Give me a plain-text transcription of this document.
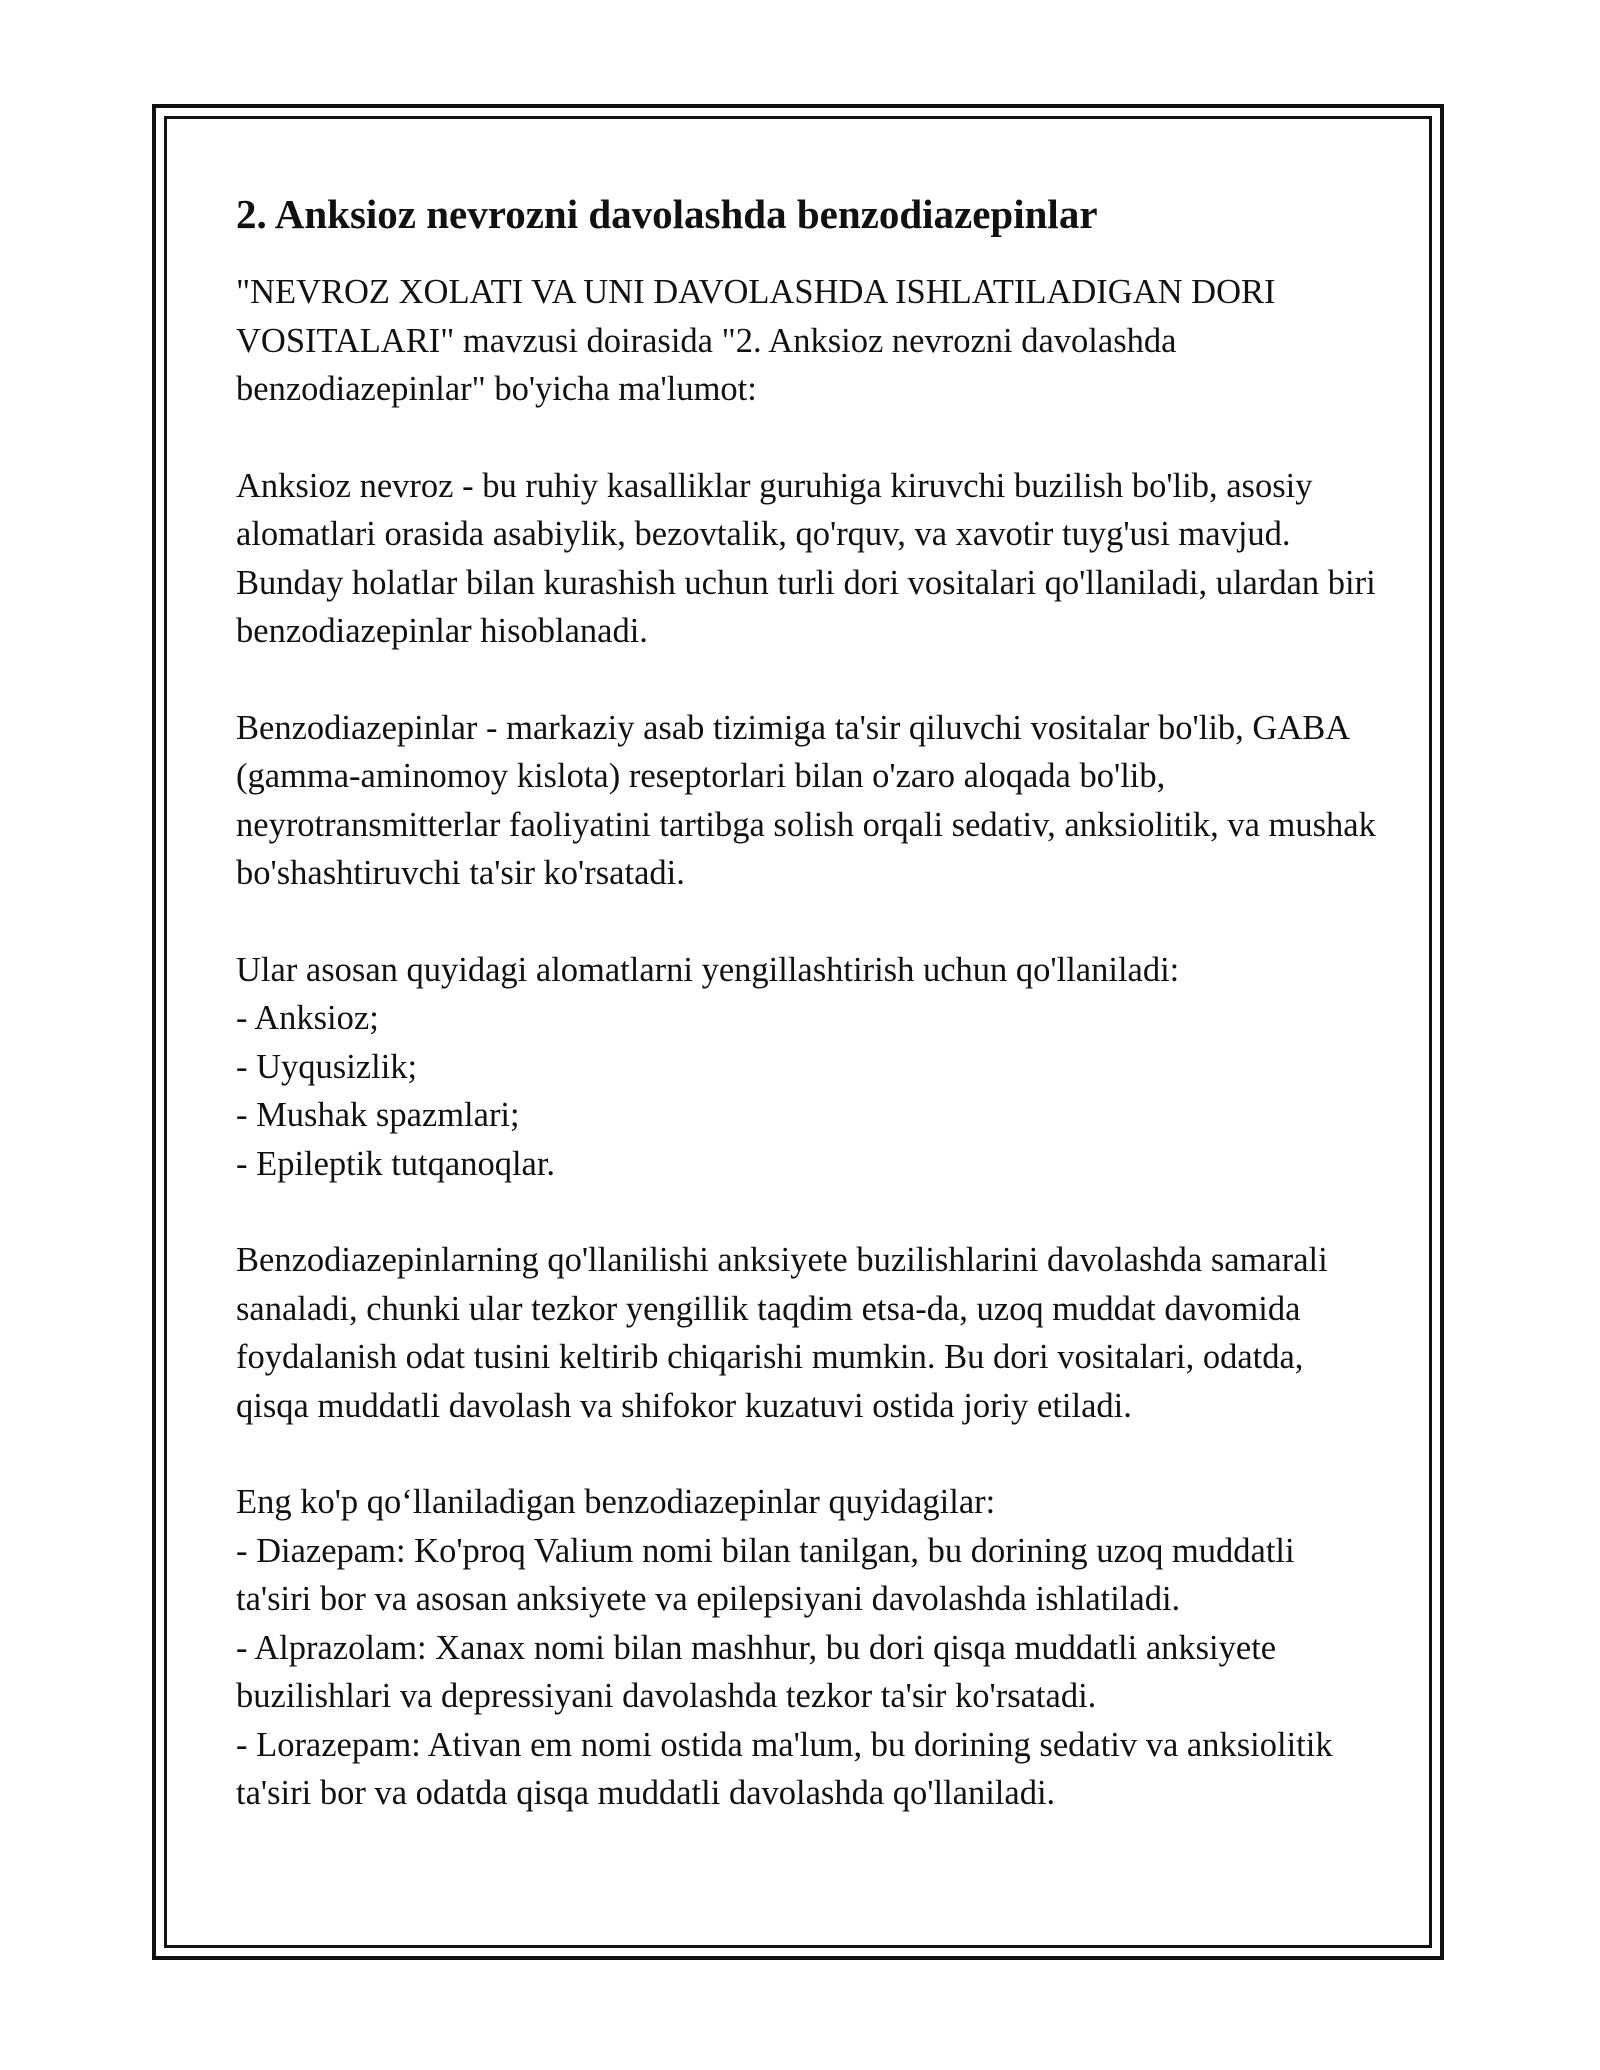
2. Anksioz nevrozni davolashda benzodiazepinlar

"NEVROZ XOLATI VA UNI DAVOLASHDA ISHLATILADIGAN DORI VOSITALARI" mavzusi doirasida "2. Anksioz nevrozni davolashda benzodiazepinlar" bo'yicha ma'lumot:

Anksioz nevroz - bu ruhiy kasalliklar guruhiga kiruvchi buzilish bo'lib, asosiy alomatlari orasida asabiylik, bezovtalik, qo'rquv, va xavotir tuyg'usi mavjud. Bunday holatlar bilan kurashish uchun turli dori vositalari qo'llaniladi, ulardan biri benzodiazepinlar hisoblanadi.

Benzodiazepinlar - markaziy asab tizimiga ta'sir qiluvchi vositalar bo'lib, GABA (gamma-aminomoy kislota) reseptorlari bilan o'zaro aloqada bo'lib, neyrotransmitterlar faoliyatini tartibga solish orqali sedativ, anksiolitik, va mushak bo'shashtiruvchi ta'sir ko'rsatadi.

Ular asosan quyidagi alomatlarni yengillashtirish uchun qo'llaniladi:
- Anksioz;
- Uyqusizlik;
- Mushak spazmlari;
- Epileptik tutqanoqlar.

Benzodiazepinlarning qo'llanilishi anksiyete buzilishlarini davolashda samarali sanaladi, chunki ular tezkor yengillik taqdim etsa-da, uzoq muddat davomida foydalanish odat tusini keltirib chiqarishi mumkin. Bu dori vositalari, odatda, qisqa muddatli davolash va shifokor kuzatuvi ostida joriy etiladi.

Eng ko'p qo‘llaniladigan benzodiazepinlar quyidagilar:
- Diazepam: Ko'proq Valium nomi bilan tanilgan, bu dorining uzoq muddatli ta'siri bor va asosan anksiyete va epilepsiyani davolashda ishlatiladi.
- Alprazolam: Xanax nomi bilan mashhur, bu dori qisqa muddatli anksiyete buzilishlari va depressiyani davolashda tezkor ta'sir ko'rsatadi.
- Lorazepam: Ativan em nomi ostida ma'lum, bu dorining sedativ va anksiolitik ta'siri bor va odatda qisqa muddatli davolashda qo'llaniladi.
